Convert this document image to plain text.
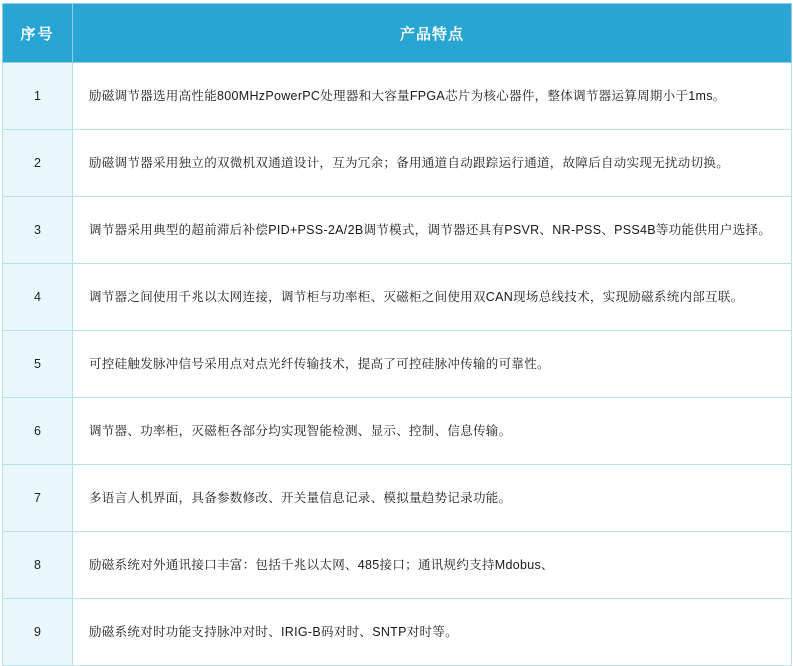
序号	产品特点
1	励磁调节器选用高性能800MHzPowerPC处理器和大容量FPGA芯片为核心器件，整体调节器运算周期小于1ms。
2	励磁调节器采用独立的双微机双通道设计，互为冗余；备用通道自动跟踪运行通道，故障后自动实现无扰动切换。
3	调节器采用典型的超前滞后补偿PID+PSS-2A/2B调节模式，调节器还具有PSVR、NR-PSS、PSS4B等功能供用户选择。
4	调节器之间使用千兆以太网连接，调节柜与功率柜、灭磁柜之间使用双CAN现场总线技术，实现励磁系统内部互联。
5	可控硅触发脉冲信号采用点对点光纤传输技术，提高了可控硅脉冲传输的可靠性。
6	调节器、功率柜，灭磁柜各部分均实现智能检测、显示、控制、信息传输。
7	多语言人机界面，具备参数修改、开关量信息记录、模拟量趋势记录功能。
8	励磁系统对外通讯接口丰富：包括千兆以太网、485接口；通讯规约支持Mdobus、
9	励磁系统对时功能支持脉冲对时、IRIG-B码对时、SNTP对时等。
